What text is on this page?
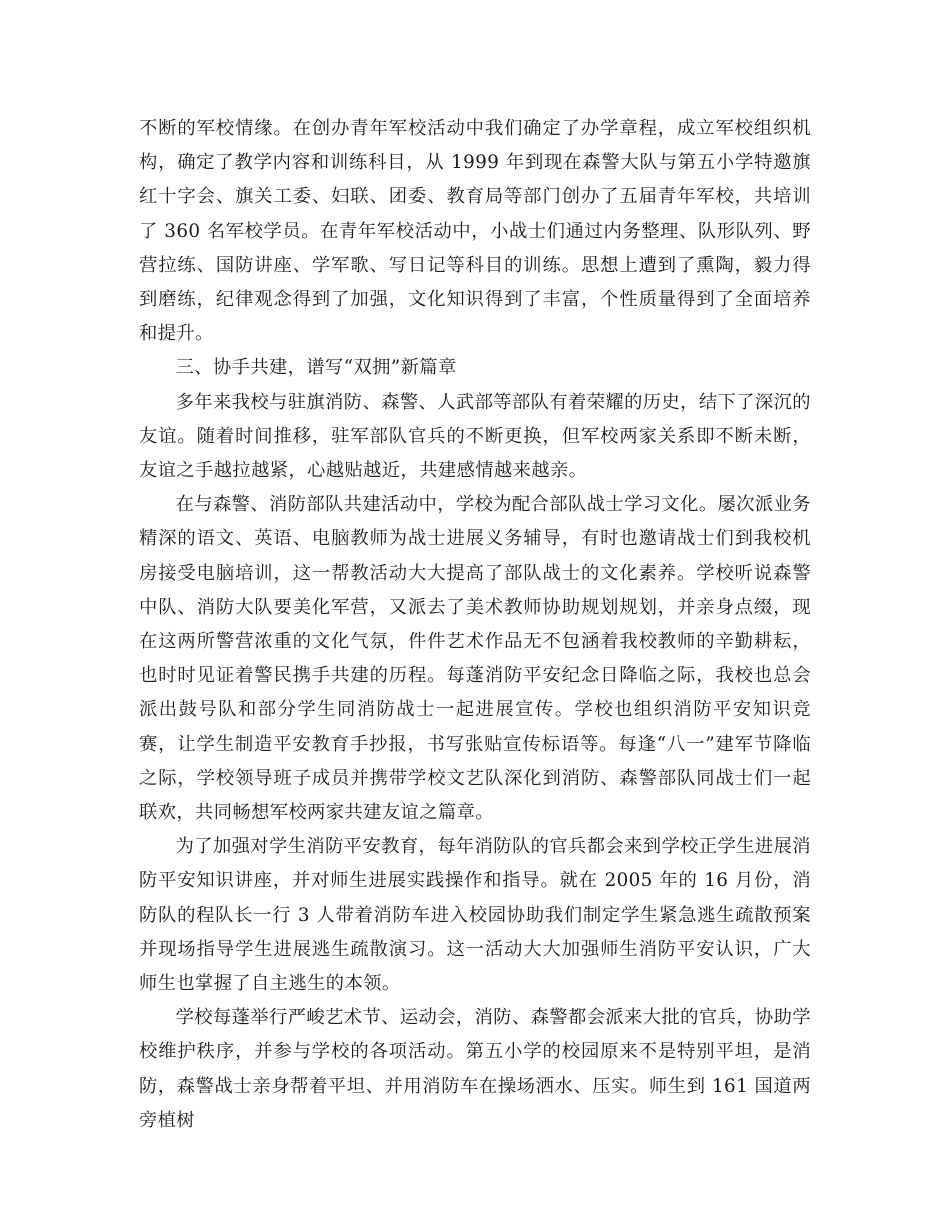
不断的军校情缘。在创办青年军校活动中我们确定了办学章程，成立军校组织机构，确定了教学内容和训练科目，从 1999 年到现在森警大队与第五小学特邀旗红十字会、旗关工委、妇联、团委、教育局等部门创办了五届青年军校，共培训了 360 名军校学员。在青年军校活动中，小战士们通过内务整理、队形队列、野营拉练、国防讲座、学军歌、写日记等科目的训练。思想上遭到了熏陶，毅力得到磨练，纪律观念得到了加强，文化知识得到了丰富，个性质量得到了全面培养和提升。

三、协手共建，谱写“双拥”新篇章

多年来我校与驻旗消防、森警、人武部等部队有着荣耀的历史，结下了深沉的友谊。随着时间推移，驻军部队官兵的不断更换，但军校两家关系即不断未断，友谊之手越拉越紧，心越贴越近，共建感情越来越亲。

在与森警、消防部队共建活动中，学校为配合部队战士学习文化。屡次派业务精深的语文、英语、电脑教师为战士进展义务辅导，有时也邀请战士们到我校机房接受电脑培训，这一帮教活动大大提高了部队战士的文化素养。学校听说森警中队、消防大队要美化军营，又派去了美术教师协助规划规划，并亲身点缀，现在这两所警营浓重的文化气氛，件件艺术作品无不包涵着我校教师的辛勤耕耘，也时时见证着警民携手共建的历程。每蓬消防平安纪念日降临之际，我校也总会派出鼓号队和部分学生同消防战士一起进展宣传。学校也组织消防平安知识竞赛，让学生制造平安教育手抄报，书写张贴宣传标语等。每逢“八一”建军节降临之际，学校领导班子成员并携带学校文艺队深化到消防、森警部队同战士们一起联欢，共同畅想军校两家共建友谊之篇章。

为了加强对学生消防平安教育，每年消防队的官兵都会来到学校正学生进展消防平安知识讲座，并对师生进展实践操作和指导。就在 2005 年的 16 月份，消防队的程队长一行 3 人带着消防车进入校园协助我们制定学生紧急逃生疏散预案并现场指导学生进展逃生疏散演习。这一活动大大加强师生消防平安认识，广大师生也掌握了自主逃生的本领。

学校每蓬举行严峻艺术节、运动会，消防、森警都会派来大批的官兵，协助学校维护秩序，并参与学校的各项活动。第五小学的校园原来不是特别平坦，是消防，森警战士亲身帮着平坦、并用消防车在操场洒水、压实。师生到 161 国道两旁植树
